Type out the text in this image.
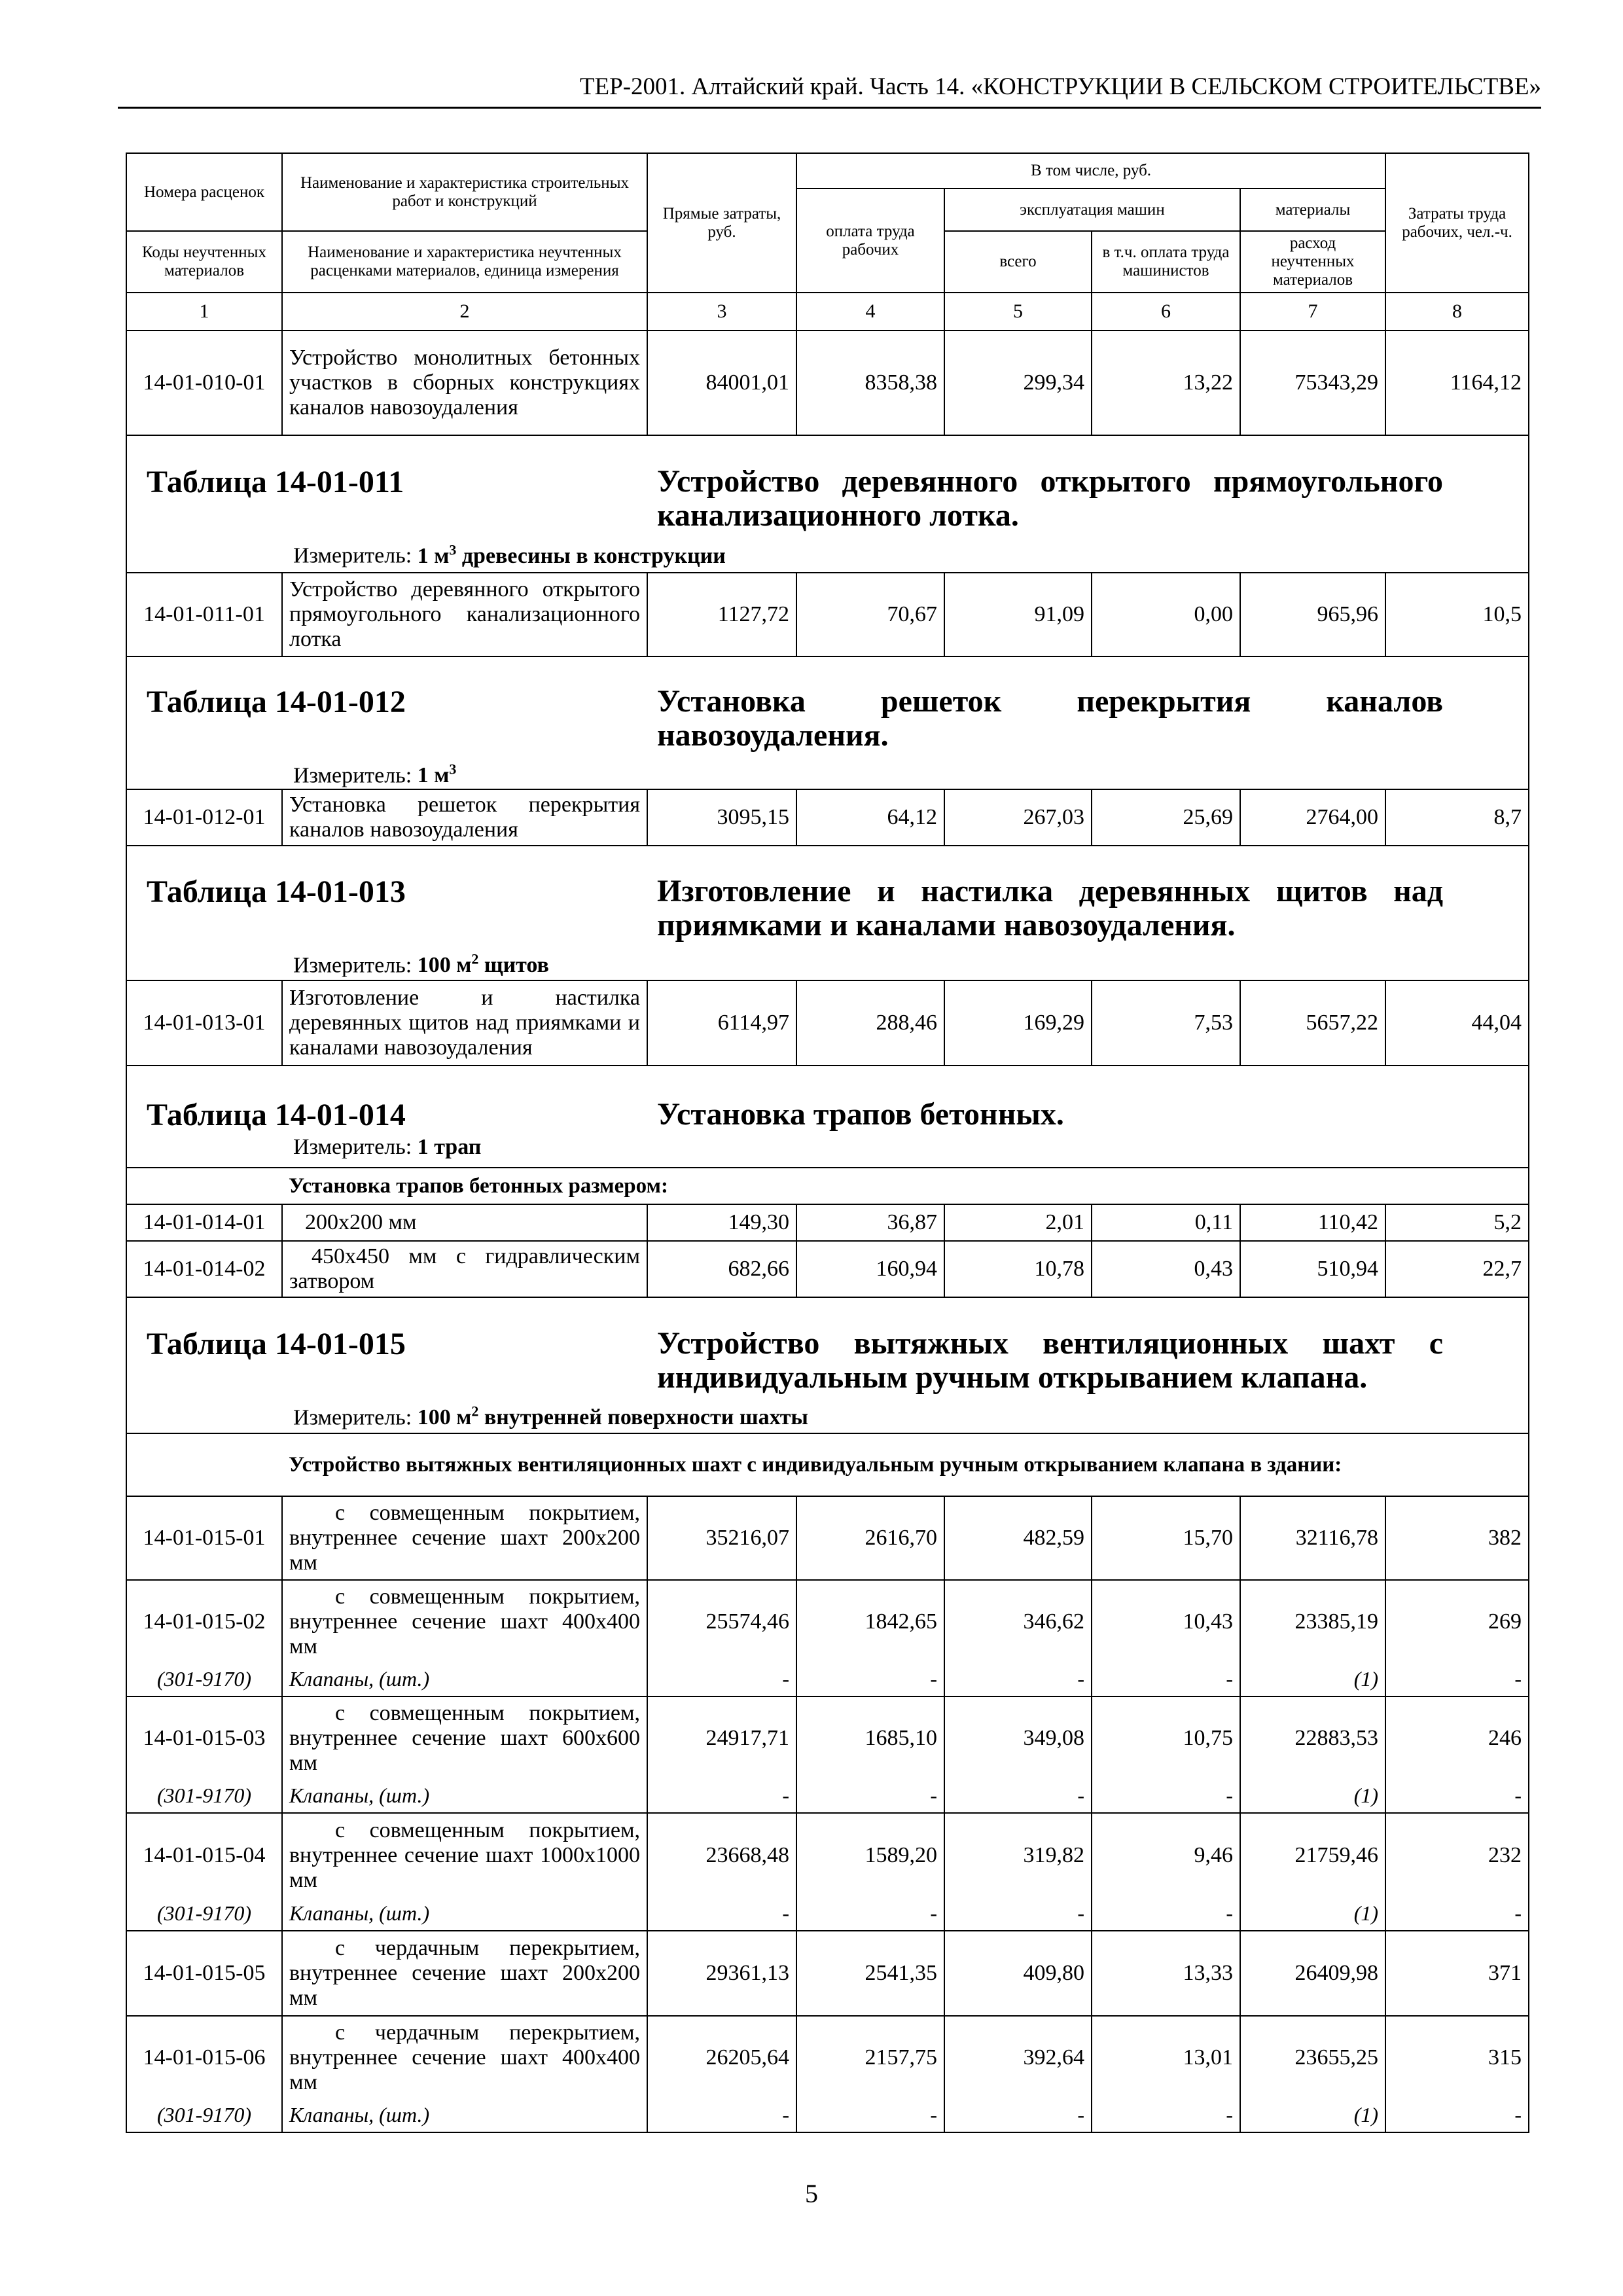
ТЕР-2001. Алтайский край. Часть 14. «КОНСТРУКЦИИ В СЕЛЬСКОМ СТРОИТЕЛЬСТВЕ»
Номера расценок	Наименование и характеристика строительных работ и конструкций	Прямые затраты, руб.	В том числе, руб.				Затраты труда рабочих, чел.-ч.
			оплата труда рабочих	эксплуатация машин		материалы	
Коды неучтенных материалов	Наименование и характеристика неучтенных расценками материалов, единица измерения			всего	в т.ч. оплата труда машинистов	расход неучтенных материалов	
1	2	3	4	5	6	7	8
14-01-010-01	Устройство монолитных бетонных участков в сборных конструкциях каналов навозоудаления	84001,01	8358,38	299,34	13,22	75343,29	1164,12

Таблица 14-01-011 Устройство деревянного открытого прямоугольного канализационного лотка.
Измеритель: 1 $м^3$ древесины в конструкции							

14-01-011-01	Устройство деревянного открытого прямоугольного канализационного лотка	1127,72	70,67	91,09	0,00	965,96	10,5

Таблица 14-01-012 Установка решеток перекрытия каналов навозоудаления.
Измеритель: 1 $м^3$

14-01-012-01	Установка решеток перекрытия каналов навозоудаления	3095,15	64,12	267,03	25,69	2764,00	8,7

Таблица 14-01-013 Изготовление и настилка деревянных щитов над приямками и каналами навозоудаления.
Измеритель: 100 $м^2$ щитов							

14-01-013-01	Изготовление и настилка деревянных щитов над приямками и каналами навозоудаления	6114,97	288,46	169,29	7,53	5657,22	44,04

Таблица 14-01-014 Установка трапов бетонных.
Измеритель: 1 трап							

	Установка трапов бетонных размером:						
14-01-014-01	200х200 мм	149,30	36,87	2,01	0,11	110,42	5,2
14-01-014-02	450х450 мм с гидравлическим затвором	682,66	160,94	10,78	0,43	510,94	22,7

Таблица 14-01-015 Устройство вытяжных вентиляционных шахт с индивидуальным ручным открыванием клапана.
Измеритель: 100 $м^2$ внутренней поверхности шахты							

	Устройство вытяжных вентиляционных шахт с индивидуальным ручным открыванием клапана в здании:						
14-01-015-01	с совмещенным покрытием, внутреннее сечение шахт 200х200 мм	35216,07	2616,70	482,59	15,70	32116,78	382
14-01-015-02	с совмещенным покрытием, внутреннее сечение шахт 400х400 мм	25574,46	1842,65	346,62	10,43	23385,19	269
(301-9170)	Клапаны, (шт.)	-	-	-	-	(1)	-
14-01-015-03	с совмещенным покрытием, внутреннее сечение шахт 600х600 мм	24917,71	1685,10	349,08	10,75	22883,53	246
(301-9170)	Клапаны, (шт.)	-	-	-	-	(1)	-
14-01-015-04	с совмещенным покрытием, внутреннее сечение шахт 1000х1000 мм	23668,48	1589,20	319,82	9,46	21759,46	232
(301-9170)	Клапаны, (шт.)	-	-	-	-	(1)	-
14-01-015-05	с чердачным перекрытием, внутреннее сечение шахт 200х200 мм	29361,13	2541,35	409,80	13,33	26409,98	371
14-01-015-06	с чердачным перекрытием, внутреннее сечение шахт 400х400 мм	26205,64	2157,75	392,64	13,01	23655,25	315
(301-9170)	Клапаны, (шт.)	-	-	-	-	(1)	-
5
